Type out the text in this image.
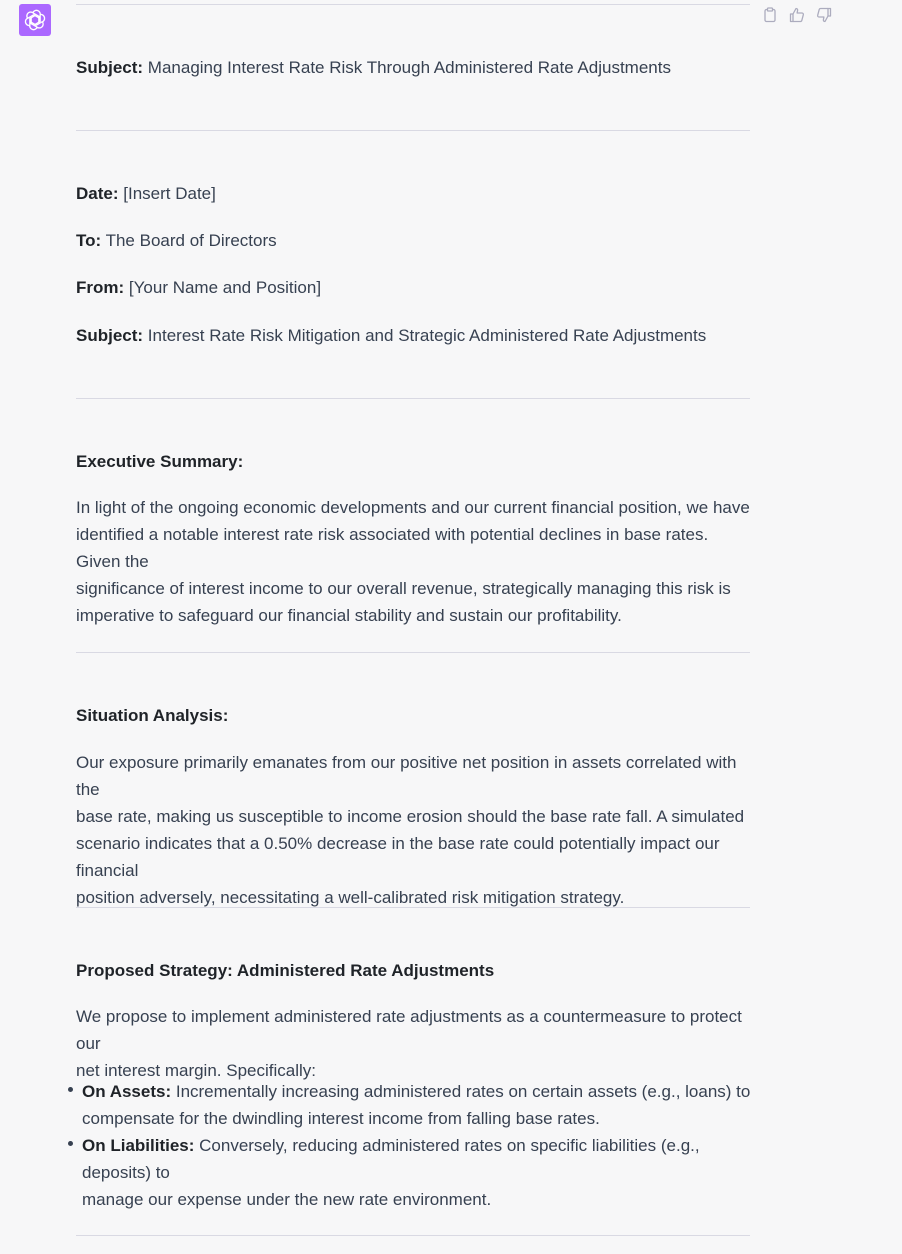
Subject: Managing Interest Rate Risk Through Administered Rate Adjustments
Date: [Insert Date]
To: The Board of Directors
From: [Your Name and Position]
Subject: Interest Rate Risk Mitigation and Strategic Administered Rate Adjustments
Executive Summary:
In light of the ongoing economic developments and our current financial position, we have
identified a notable interest rate risk associated with potential declines in base rates. Given the
significance of interest income to our overall revenue, strategically managing this risk is
imperative to safeguard our financial stability and sustain our profitability.
Situation Analysis:
Our exposure primarily emanates from our positive net position in assets correlated with the
base rate, making us susceptible to income erosion should the base rate fall. A simulated
scenario indicates that a 0.50% decrease in the base rate could potentially impact our financial
position adversely, necessitating a well-calibrated risk mitigation strategy.
Proposed Strategy: Administered Rate Adjustments
We propose to implement administered rate adjustments as a countermeasure to protect our
net interest margin. Specifically:
On Assets: Incrementally increasing administered rates on certain assets (e.g., loans) to
compensate for the dwindling interest income from falling base rates.
On Liabilities: Conversely, reducing administered rates on specific liabilities (e.g., deposits) to
manage our expense under the new rate environment.
